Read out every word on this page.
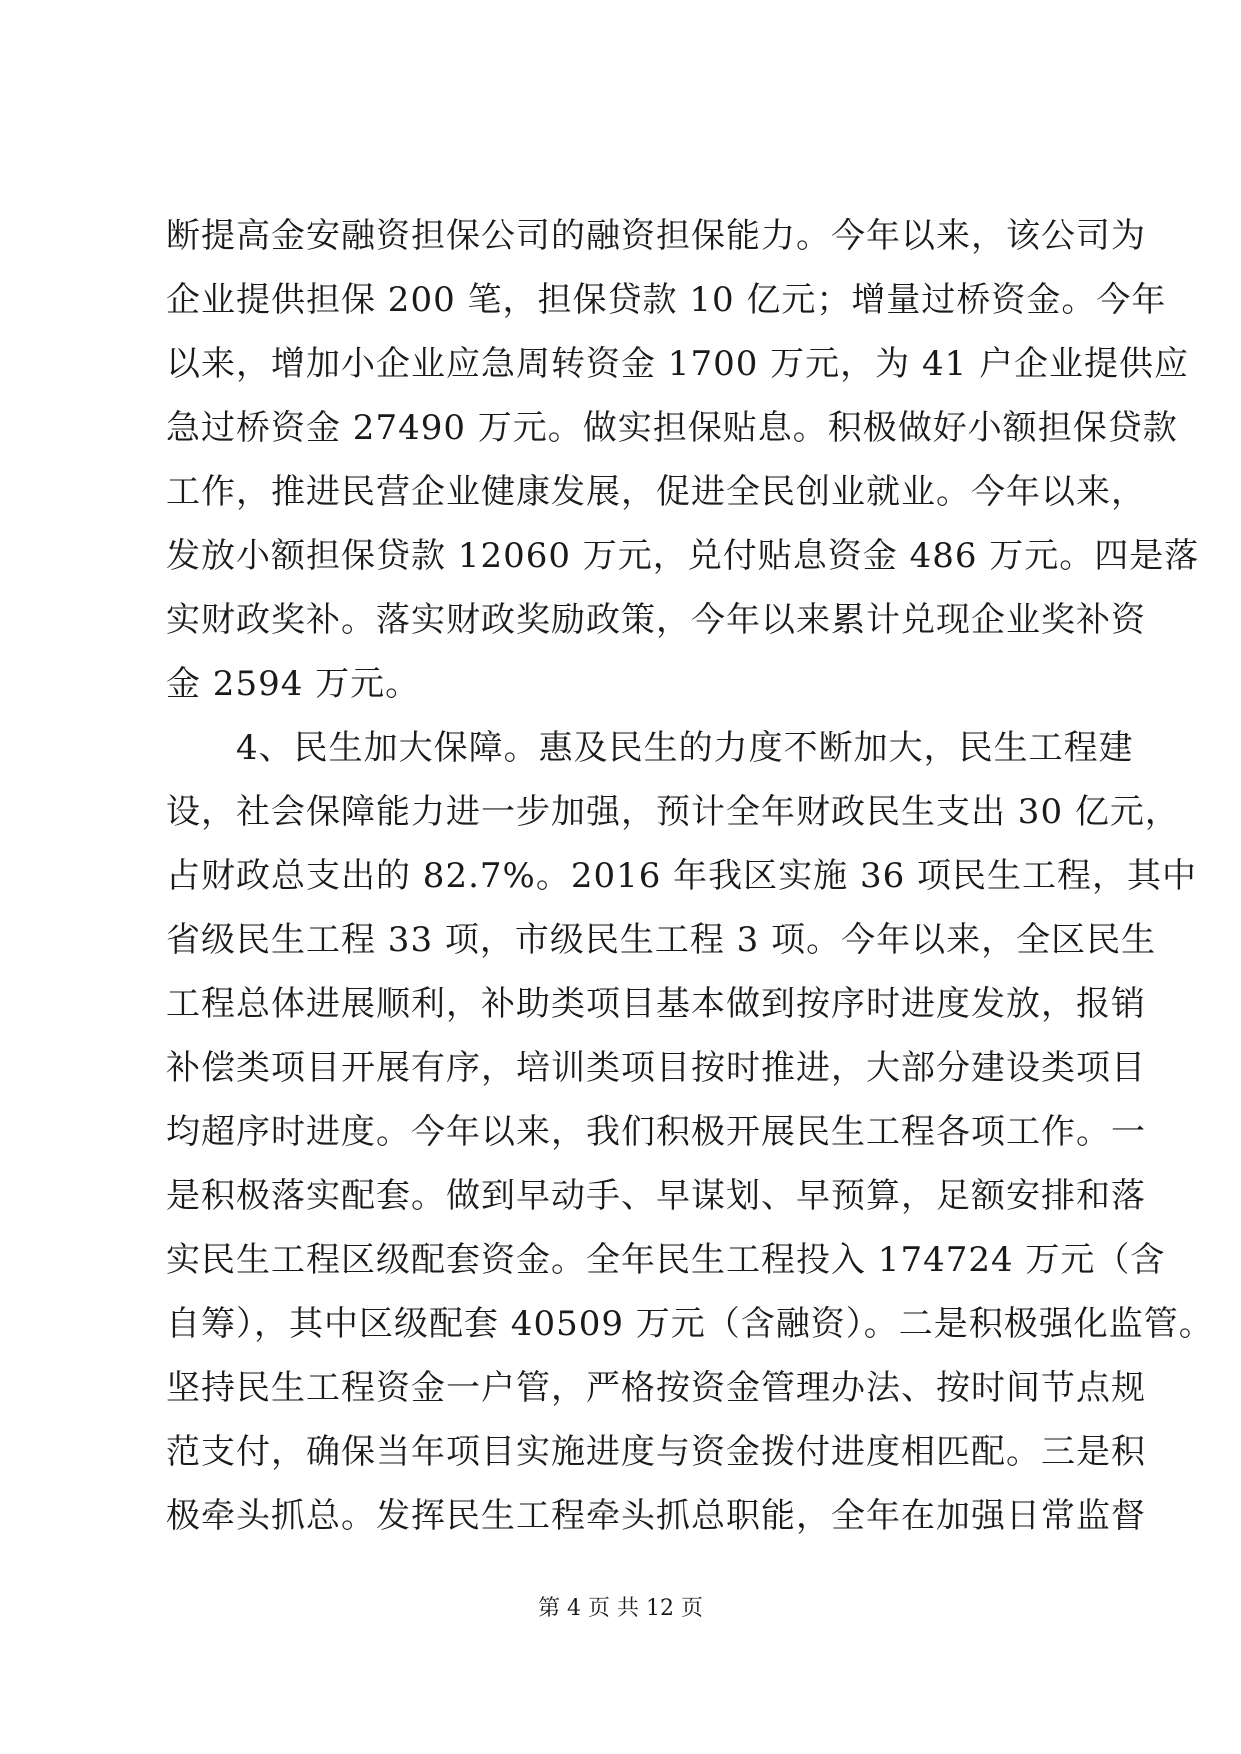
断提高金安融资担保公司的融资担保能力。今年以来，该公司为
企业提供担保 200 笔，担保贷款 10 亿元；增量过桥资金。今年
以来，增加小企业应急周转资金 1700 万元，为 41 户企业提供应
急过桥资金 27490 万元。做实担保贴息。积极做好小额担保贷款
工作，推进民营企业健康发展，促进全民创业就业。今年以来，
发放小额担保贷款 12060 万元，兑付贴息资金 486 万元。四是落
实财政奖补。落实财政奖励政策，今年以来累计兑现企业奖补资
金 2594 万元。
　　4、民生加大保障。惠及民生的力度不断加大，民生工程建
设，社会保障能力进一步加强，预计全年财政民生支出 30 亿元，
占财政总支出的 82.7%。2016 年我区实施 36 项民生工程，其中
省级民生工程 33 项，市级民生工程 3 项。今年以来，全区民生
工程总体进展顺利，补助类项目基本做到按序时进度发放，报销
补偿类项目开展有序，培训类项目按时推进，大部分建设类项目
均超序时进度。今年以来，我们积极开展民生工程各项工作。一
是积极落实配套。做到早动手、早谋划、早预算，足额安排和落
实民生工程区级配套资金。全年民生工程投入 174724 万元（含
自筹），其中区级配套 40509 万元（含融资）。二是积极强化监管。
坚持民生工程资金一户管，严格按资金管理办法、按时间节点规
范支付，确保当年项目实施进度与资金拨付进度相匹配。三是积
极牵头抓总。发挥民生工程牵头抓总职能，全年在加强日常监督
第 4 页 共 12 页
